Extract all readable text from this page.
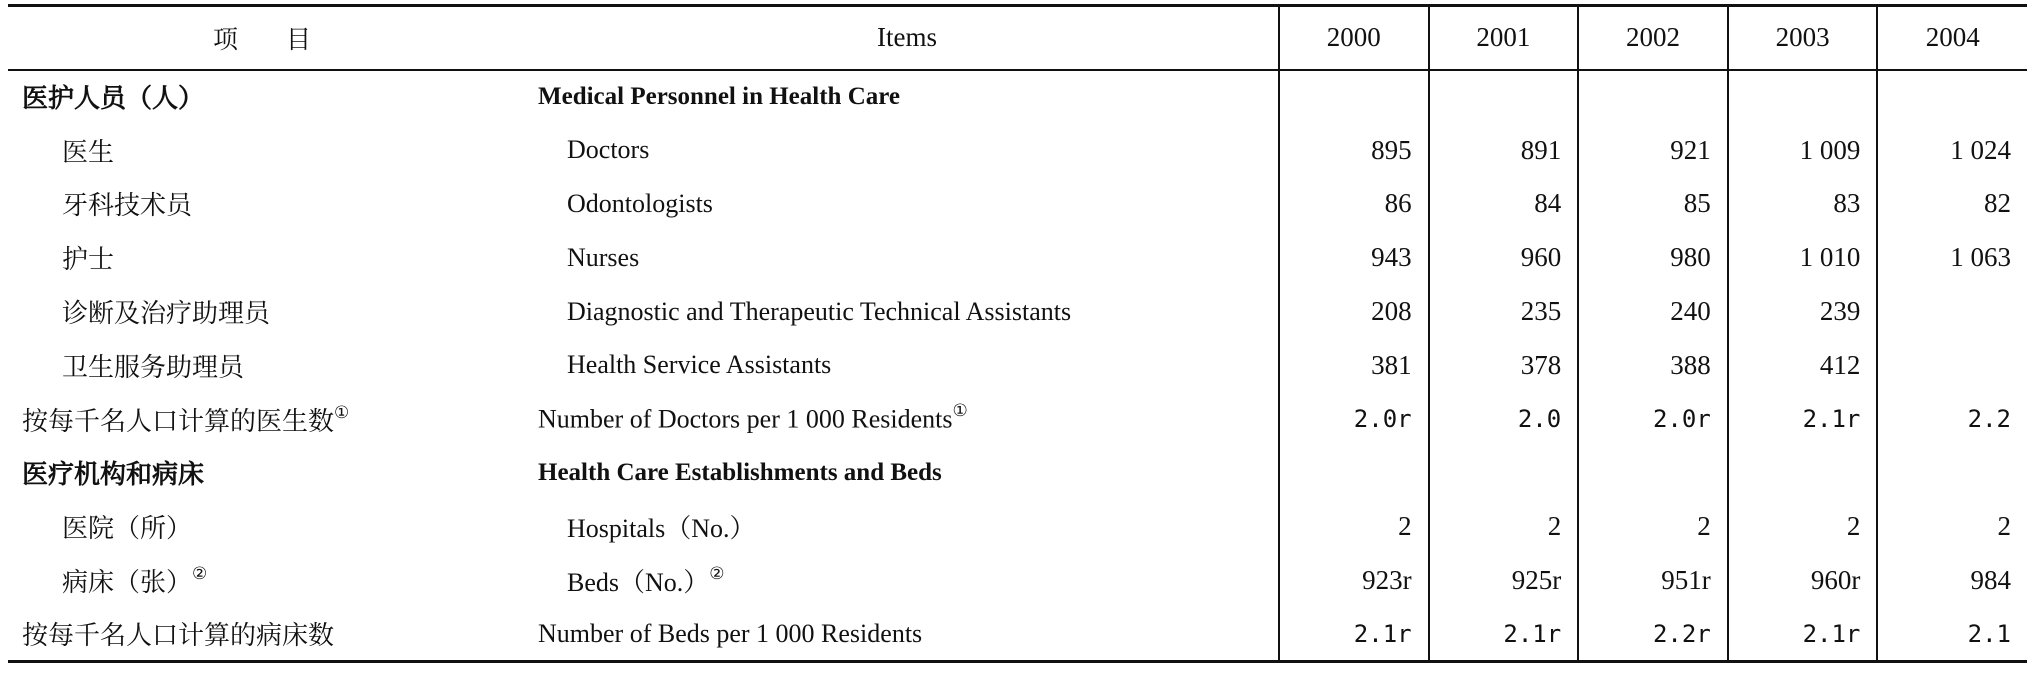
项 目	Items	2000	2001	2002	2003	2004
医护人员（人）	Medical Personnel in Health Care					
医生	Doctors	895	891	921	1 009	1 024
牙科技术员	Odontologists	86	84	85	83	82
护士	Nurses	943	960	980	1 010	1 063
诊断及治疗助理员	Diagnostic and Therapeutic Technical Assistants	208	235	240	239	
卫生服务助理员	Health Service Assistants	381	378	388	412	
按每千名人口计算的医生数①	Number of Doctors per 1 000 Residents①	2.0r	2.0	2.0r	2.1r	2.2
医疗机构和病床	Health Care Establishments and Beds					
医院（所）	Hospitals（No.）	2	2	2	2	2
病床（张）②	Beds（No.）②	923r	925r	951r	960r	984
按每千名人口计算的病床数	Number of Beds per 1 000 Residents	2.1r	2.1r	2.2r	2.1r	2.1
